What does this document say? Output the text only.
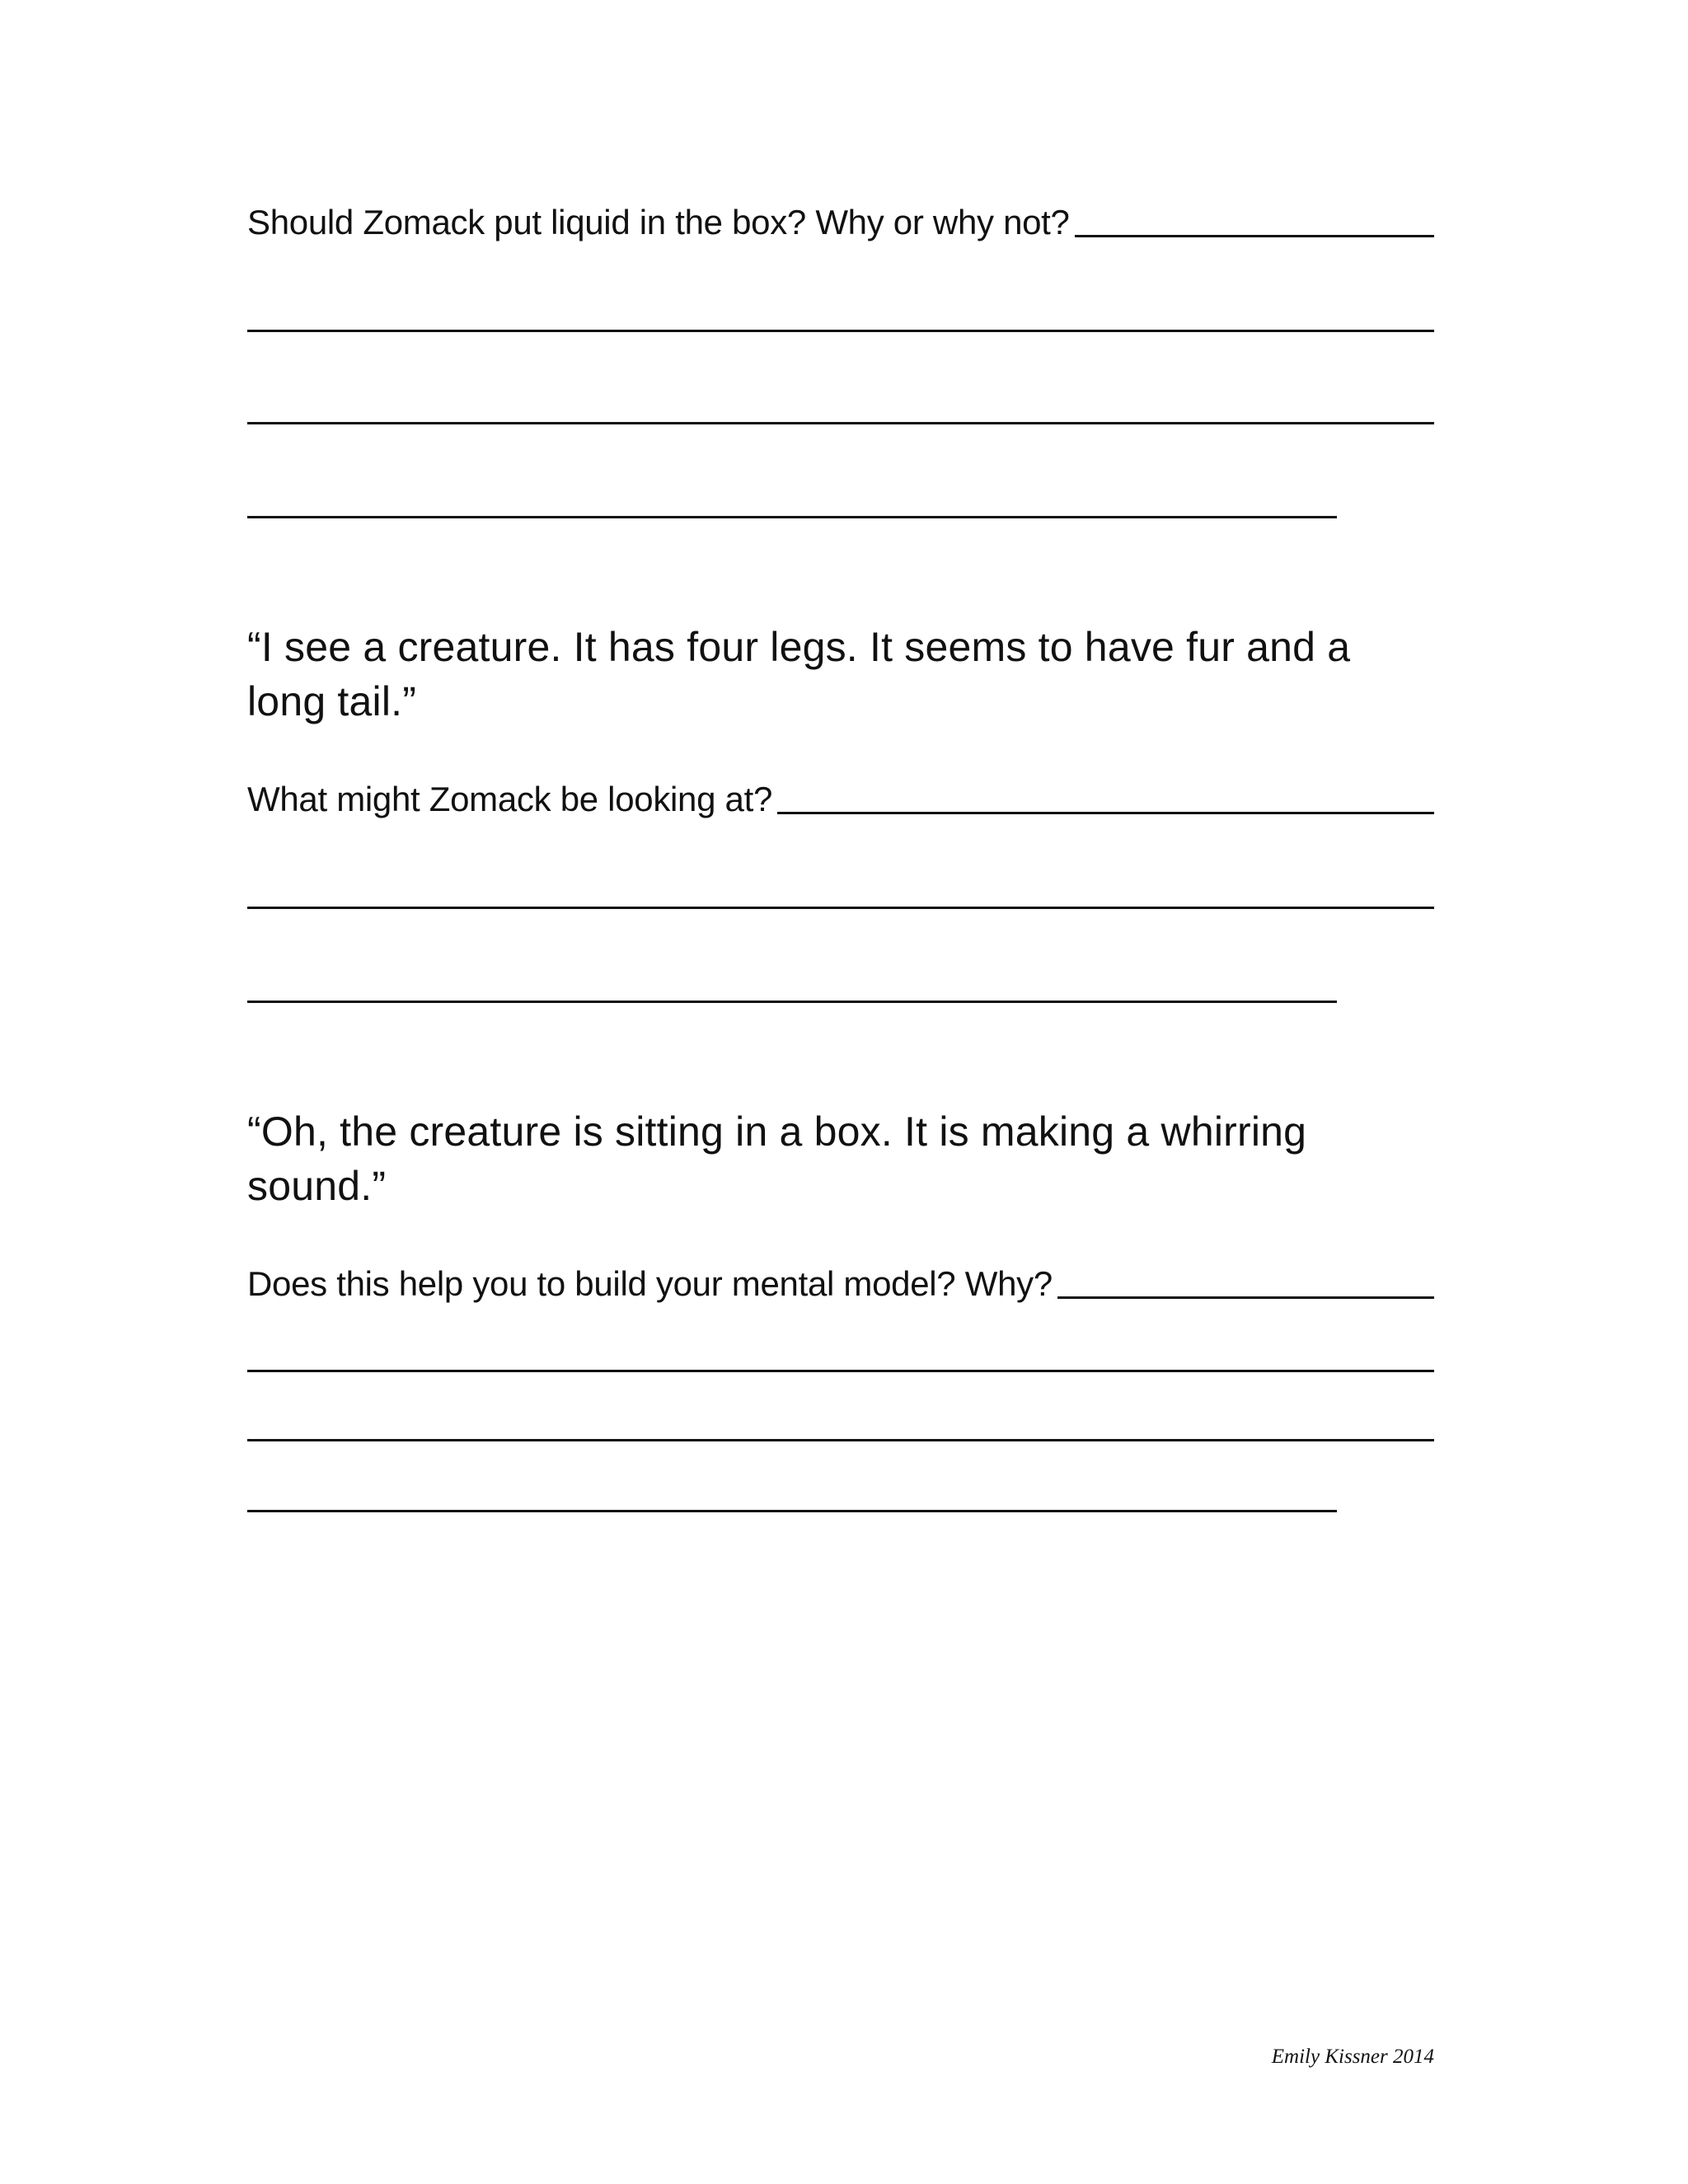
Should Zomack put liquid in the box? Why or why not?
“I see a creature. It has four legs. It seems to have fur and a long tail.”
What might Zomack be looking at?
“Oh, the creature is sitting in a box. It is making a whirring sound.”
Does this help you to build your mental model? Why?
Emily Kissner 2014
